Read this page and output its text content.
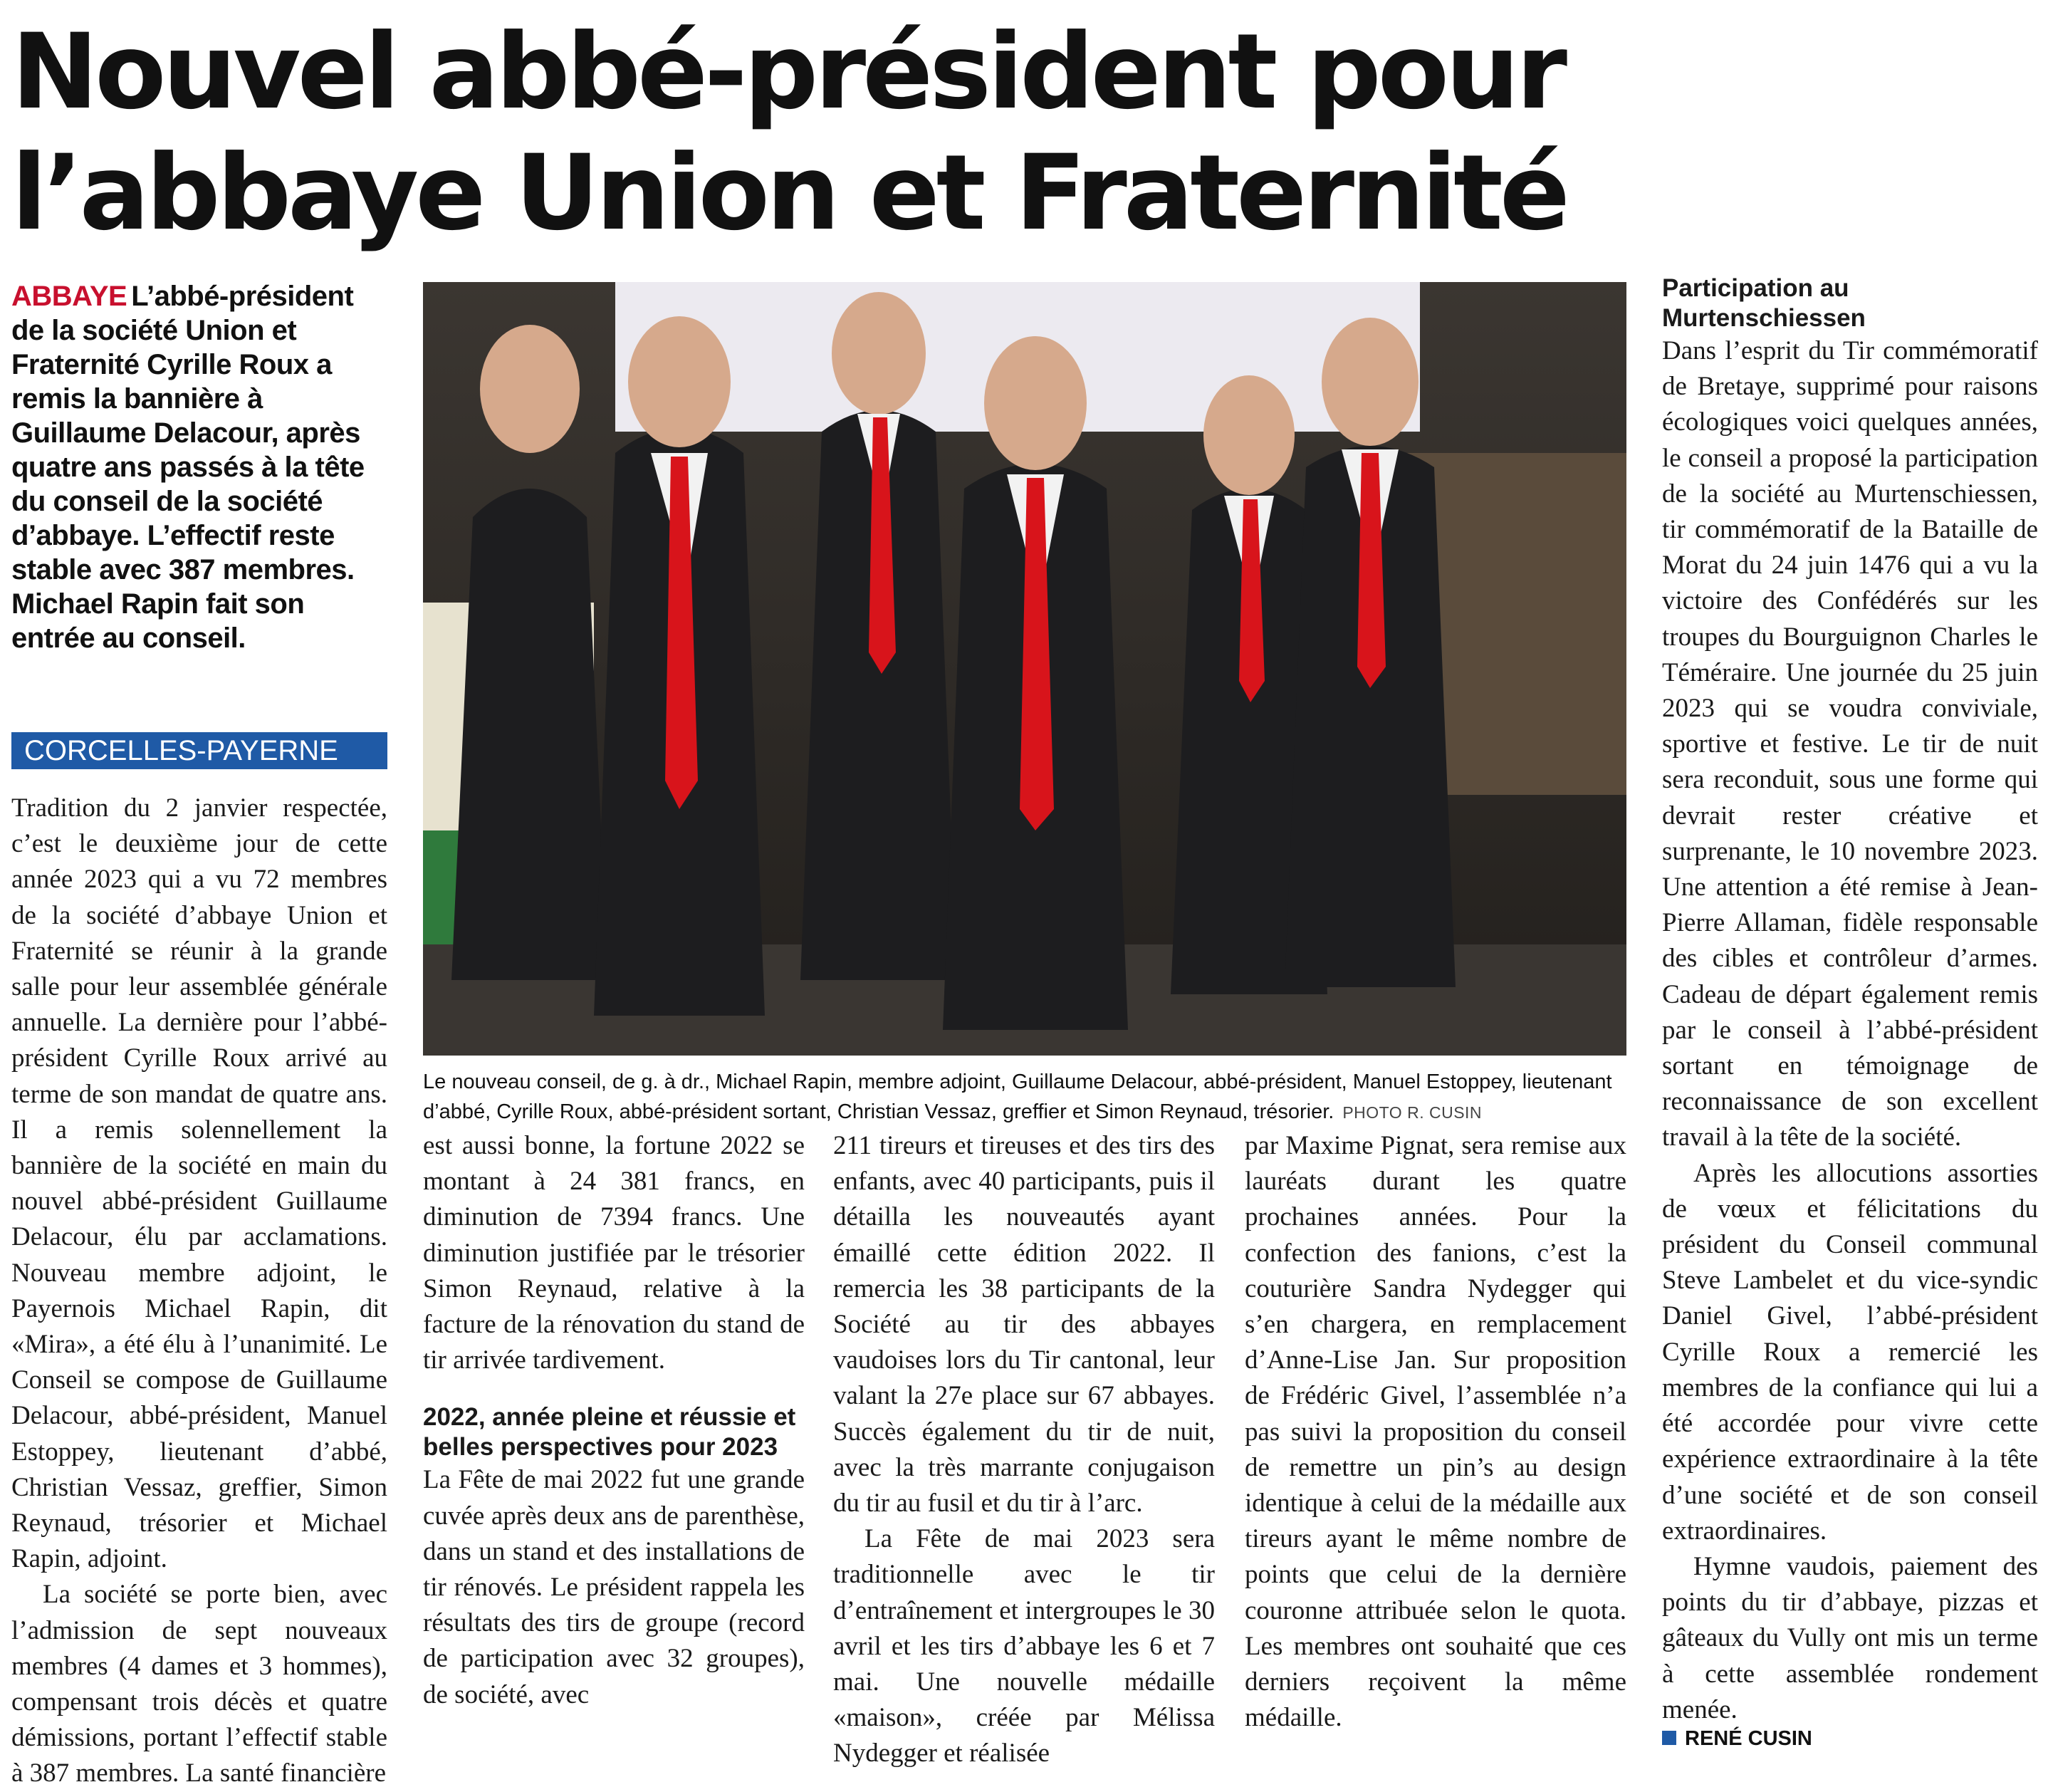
Nouvel abbé-président pour l’abbaye Union et Fraternité

ABBAYE L’abbé-président de la société Union et Fraternité Cyrille Roux a remis la bannière à Guillaume Delacour, après quatre ans passés à la tête du conseil de la société d’abbaye. L’effectif reste stable avec 387 membres. Michael Rapin fait son entrée au conseil.

CORCELLES-PAYERNE

Tradition du 2 janvier respectée, c’est le deuxième jour de cette année 2023 qui a vu 72 membres de la société d’abbaye Union et Fraternité se réunir à la grande salle pour leur assemblée générale annuelle. La dernière pour l’abbé-président Cyrille Roux arrivé au terme de son mandat de quatre ans. Il a remis solennellement la bannière de la société en main du nouvel abbé-président Guillaume Delacour, élu par acclamations. Nouveau membre adjoint, le Payernois Michael Rapin, dit «Mira», a été élu à l’unanimité. Le Conseil se compose de Guillaume Delacour, abbé-président, Manuel Estoppey, lieutenant d’abbé, Christian Vessaz, greffier, Simon Reynaud, trésorier et Michael Rapin, adjoint.

La société se porte bien, avec l’admission de sept nouveaux membres (4 dames et 3 hommes), compensant trois décès et quatre démissions, portant l’effectif stable à 387 membres. La santé financière

Le nouveau conseil, de g. à dr., Michael Rapin, membre adjoint, Guillaume Delacour, abbé-président, Manuel Estoppey, lieutenant d’abbé, Cyrille Roux, abbé-président sortant, Christian Vessaz, greffier et Simon Reynaud, trésorier. PHOTO R. CUSIN

est aussi bonne, la fortune 2022 se montant à 24 381 francs, en diminution de 7394 francs. Une diminution justifiée par le trésorier Simon Reynaud, relative à la facture de la rénovation du stand de tir arrivée tardivement.

2022, année pleine et réussie et belles perspectives pour 2023

La Fête de mai 2022 fut une grande cuvée après deux ans de parenthèse, dans un stand et des installations de tir rénovés. Le président rappela les résultats des tirs de groupe (record de participation avec 32 groupes), de société, avec

211 tireurs et tireuses et des tirs des enfants, avec 40 participants, puis il détailla les nouveautés ayant émaillé cette édition 2022. Il remercia les 38 participants de la Société au tir des abbayes vaudoises lors du Tir cantonal, leur valant la 27e place sur 67 abbayes. Succès également du tir de nuit, avec la très marrante conjugaison du tir au fusil et du tir à l’arc.

La Fête de mai 2023 sera traditionnelle avec le tir d’entraînement et intergroupes le 30 avril et les tirs d’abbaye les 6 et 7 mai. Une nouvelle médaille «maison», créée par Mélissa Nydegger et réalisée

par Maxime Pignat, sera remise aux lauréats durant les quatre prochaines années. Pour la confection des fanions, c’est la couturière Sandra Nydegger qui s’en chargera, en remplacement d’Anne-Lise Jan. Sur proposition de Frédéric Givel, l’assemblée n’a pas suivi la proposition du conseil de remettre un pin’s au design identique à celui de la médaille aux tireurs ayant le même nombre de points que celui de la dernière couronne attribuée selon le quota. Les membres ont souhaité que ces derniers reçoivent la même médaille.

Participation au Murtenschiessen

Dans l’esprit du Tir commémoratif de Bretaye, supprimé pour raisons écologiques voici quelques années, le conseil a proposé la participation de la société au Murtenschiessen, tir commémoratif de la Bataille de Morat du 24 juin 1476 qui a vu la victoire des Confédérés sur les troupes du Bourguignon Charles le Téméraire. Une journée du 25 juin 2023 qui se voudra conviviale, sportive et festive. Le tir de nuit sera reconduit, sous une forme qui devrait rester créative et surprenante, le 10 novembre 2023. Une attention a été remise à Jean-Pierre Allaman, fidèle responsable des cibles et contrôleur d’armes. Cadeau de départ également remis par le conseil à l’abbé-président sortant en témoignage de reconnaissance de son excellent travail à la tête de la société.

Après les allocutions assorties de vœux et félicitations du président du Conseil communal Steve Lambelet et du vice-syndic Daniel Givel, l’abbé-président Cyrille Roux a remercié les membres de la confiance qui lui a été accordée pour vivre cette expérience extraordinaire à la tête d’une société et de son conseil extraordinaires.

Hymne vaudois, paiement des points du tir d’abbaye, pizzas et gâteaux du Vully ont mis un terme à cette assemblée rondement menée.

RENÉ CUSIN
